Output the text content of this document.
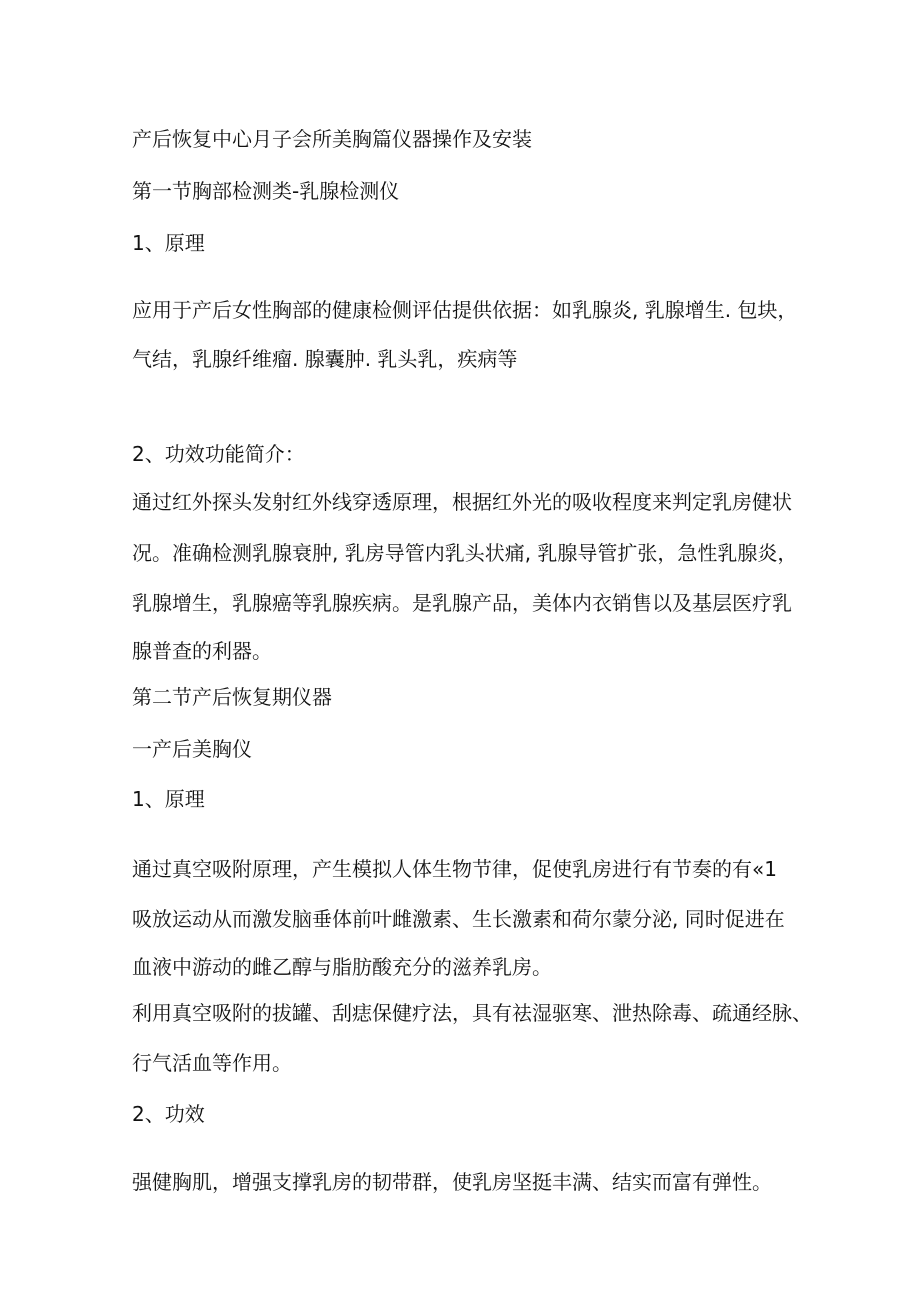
产后恢复中心月子会所美胸篇仪器操作及安装
第一节胸部检测类-乳腺检测仪
1、原理
应用于产后女性胸部的健康检侧评估提供依据：如乳腺炎, 乳腺增生. 包块，
气结，乳腺纤维瘤. 腺囊肿. 乳头乳，疾病等
2、功效功能简介：
通过红外探头发射红外线穿透原理，根据红外光的吸收程度来判定乳房健状
况。准确检测乳腺衰肿, 乳房导管内乳头状痛, 乳腺导管扩张，急性乳腺炎，
乳腺增生，乳腺癌等乳腺疾病。是乳腺产品，美体内衣销售以及基层医疗乳
腺普查的利器。
第二节产后恢复期仪器
一产后美胸仪
1、原理
通过真空吸附原理，产生模拟人体生物节律，促使乳房进行有节奏的有«1
吸放运动从而激发脑垂体前叶雌激素、生长激素和荷尔蒙分泌, 同时促进在
血液中游动的雌乙醇与脂肪酸充分的滋养乳房。
利用真空吸附的拔罐、刮痣保健疗法，具有祛湿驱寒、泄热除毒、疏通经脉、
行气活血等作用。
2、功效
强健胸肌，增强支撑乳房的韧带群，使乳房坚挺丰满、结实而富有弹性。
